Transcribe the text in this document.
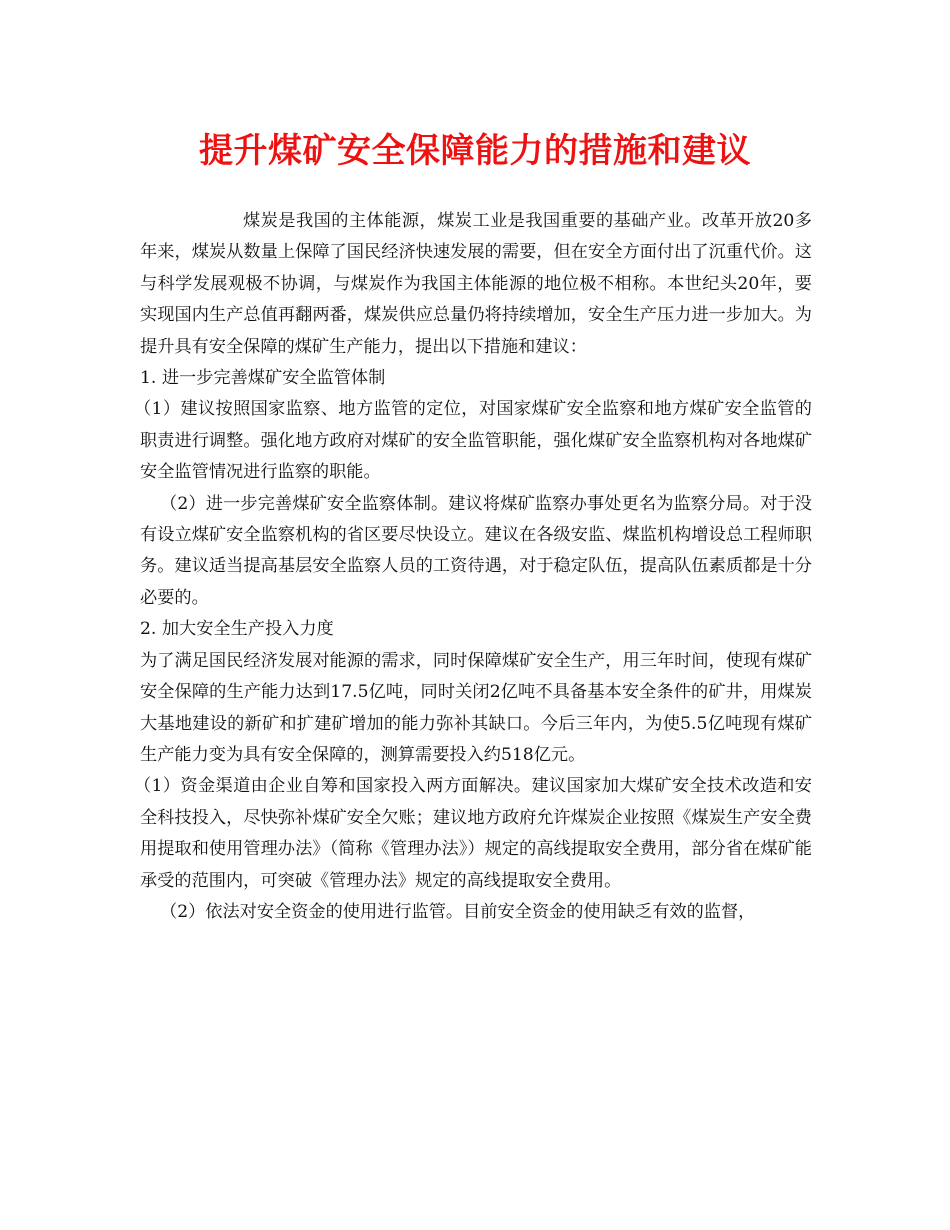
提升煤矿安全保障能力的措施和建议

煤炭是我国的主体能源，煤炭工业是我国重要的基础产业。改革开放20多年来，煤炭从数量上保障了国民经济快速发展的需要，但在安全方面付出了沉重代价。这与科学发展观极不协调，与煤炭作为我国主体能源的地位极不相称。本世纪头20年，要实现国内生产总值再翻两番，煤炭供应总量仍将持续增加，安全生产压力进一步加大。为提升具有安全保障的煤矿生产能力，提出以下措施和建议：

1. 进一步完善煤矿安全监管体制

（1）建议按照国家监察、地方监管的定位，对国家煤矿安全监察和地方煤矿安全监管的职责进行调整。强化地方政府对煤矿的安全监管职能，强化煤矿安全监察机构对各地煤矿安全监管情况进行监察的职能。

（2）进一步完善煤矿安全监察体制。建议将煤矿监察办事处更名为监察分局。对于没有设立煤矿安全监察机构的省区要尽快设立。建议在各级安监、煤监机构增设总工程师职务。建议适当提高基层安全监察人员的工资待遇，对于稳定队伍，提高队伍素质都是十分必要的。

2. 加大安全生产投入力度

为了满足国民经济发展对能源的需求，同时保障煤矿安全生产，用三年时间，使现有煤矿安全保障的生产能力达到17.5亿吨，同时关闭2亿吨不具备基本安全条件的矿井，用煤炭大基地建设的新矿和扩建矿增加的能力弥补其缺口。今后三年内，为使5.5亿吨现有煤矿生产能力变为具有安全保障的，测算需要投入约518亿元。

（1）资金渠道由企业自筹和国家投入两方面解决。建议国家加大煤矿安全技术改造和安全科技投入，尽快弥补煤矿安全欠账；建议地方政府允许煤炭企业按照《煤炭生产安全费用提取和使用管理办法》（简称《管理办法》）规定的高线提取安全费用，部分省在煤矿能承受的范围内，可突破《管理办法》规定的高线提取安全费用。

（2）依法对安全资金的使用进行监管。目前安全资金的使用缺乏有效的监督，
